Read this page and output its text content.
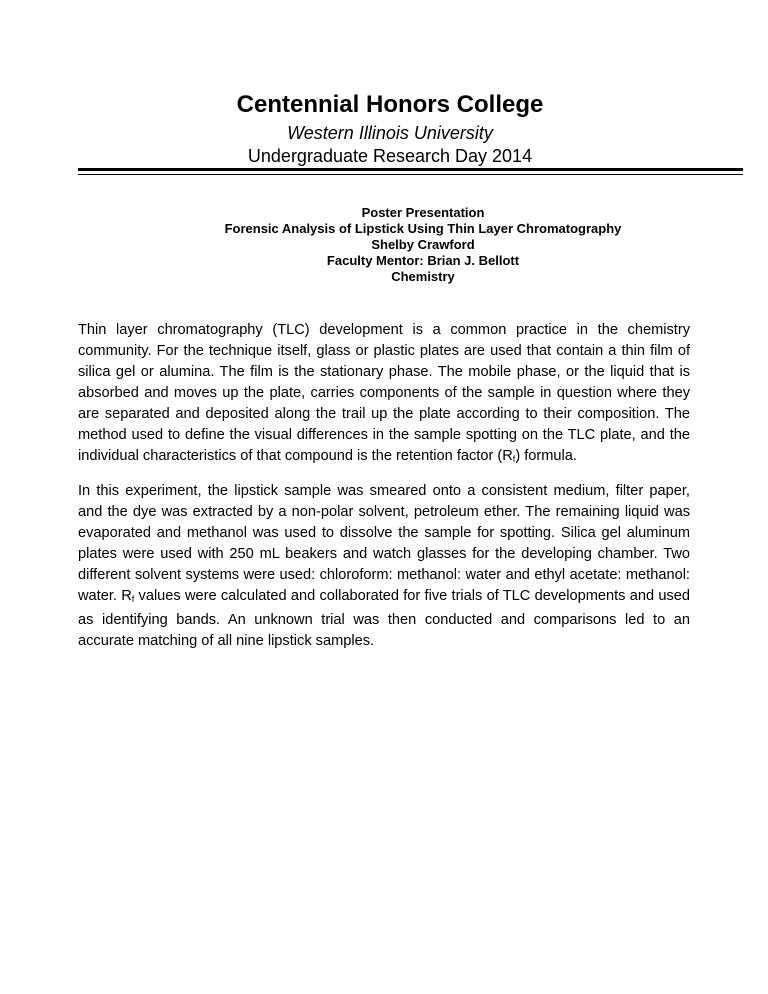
Centennial Honors College
Western Illinois University
Undergraduate Research Day 2014
Poster Presentation
Forensic Analysis of Lipstick Using Thin Layer Chromatography
Shelby Crawford
Faculty Mentor: Brian J. Bellott
Chemistry

Thin layer chromatography (TLC) development is a common practice in the chemistry community. For the technique itself, glass or plastic plates are used that contain a thin film of silica gel or alumina. The film is the stationary phase. The mobile phase, or the liquid that is absorbed and moves up the plate, carries components of the sample in question where they are separated and deposited along the trail up the plate according to their composition. The method used to define the visual differences in the sample spotting on the TLC plate, and the individual characteristics of that compound is the retention factor $(R_f)$ formula.

In this experiment, the lipstick sample was smeared onto a consistent medium, filter paper, and the dye was extracted by a non-polar solvent, petroleum ether. The remaining liquid was evaporated and methanol was used to dissolve the sample for spotting. Silica gel aluminum plates were used with 250 mL beakers and watch glasses for the developing chamber. Two different solvent systems were used: chloroform: methanol: water and ethyl acetate: methanol: water. $R_f$ values were calculated and collaborated for five trials of TLC developments and used as identifying bands. An unknown trial was then conducted and comparisons led to an accurate matching of all nine lipstick samples.
